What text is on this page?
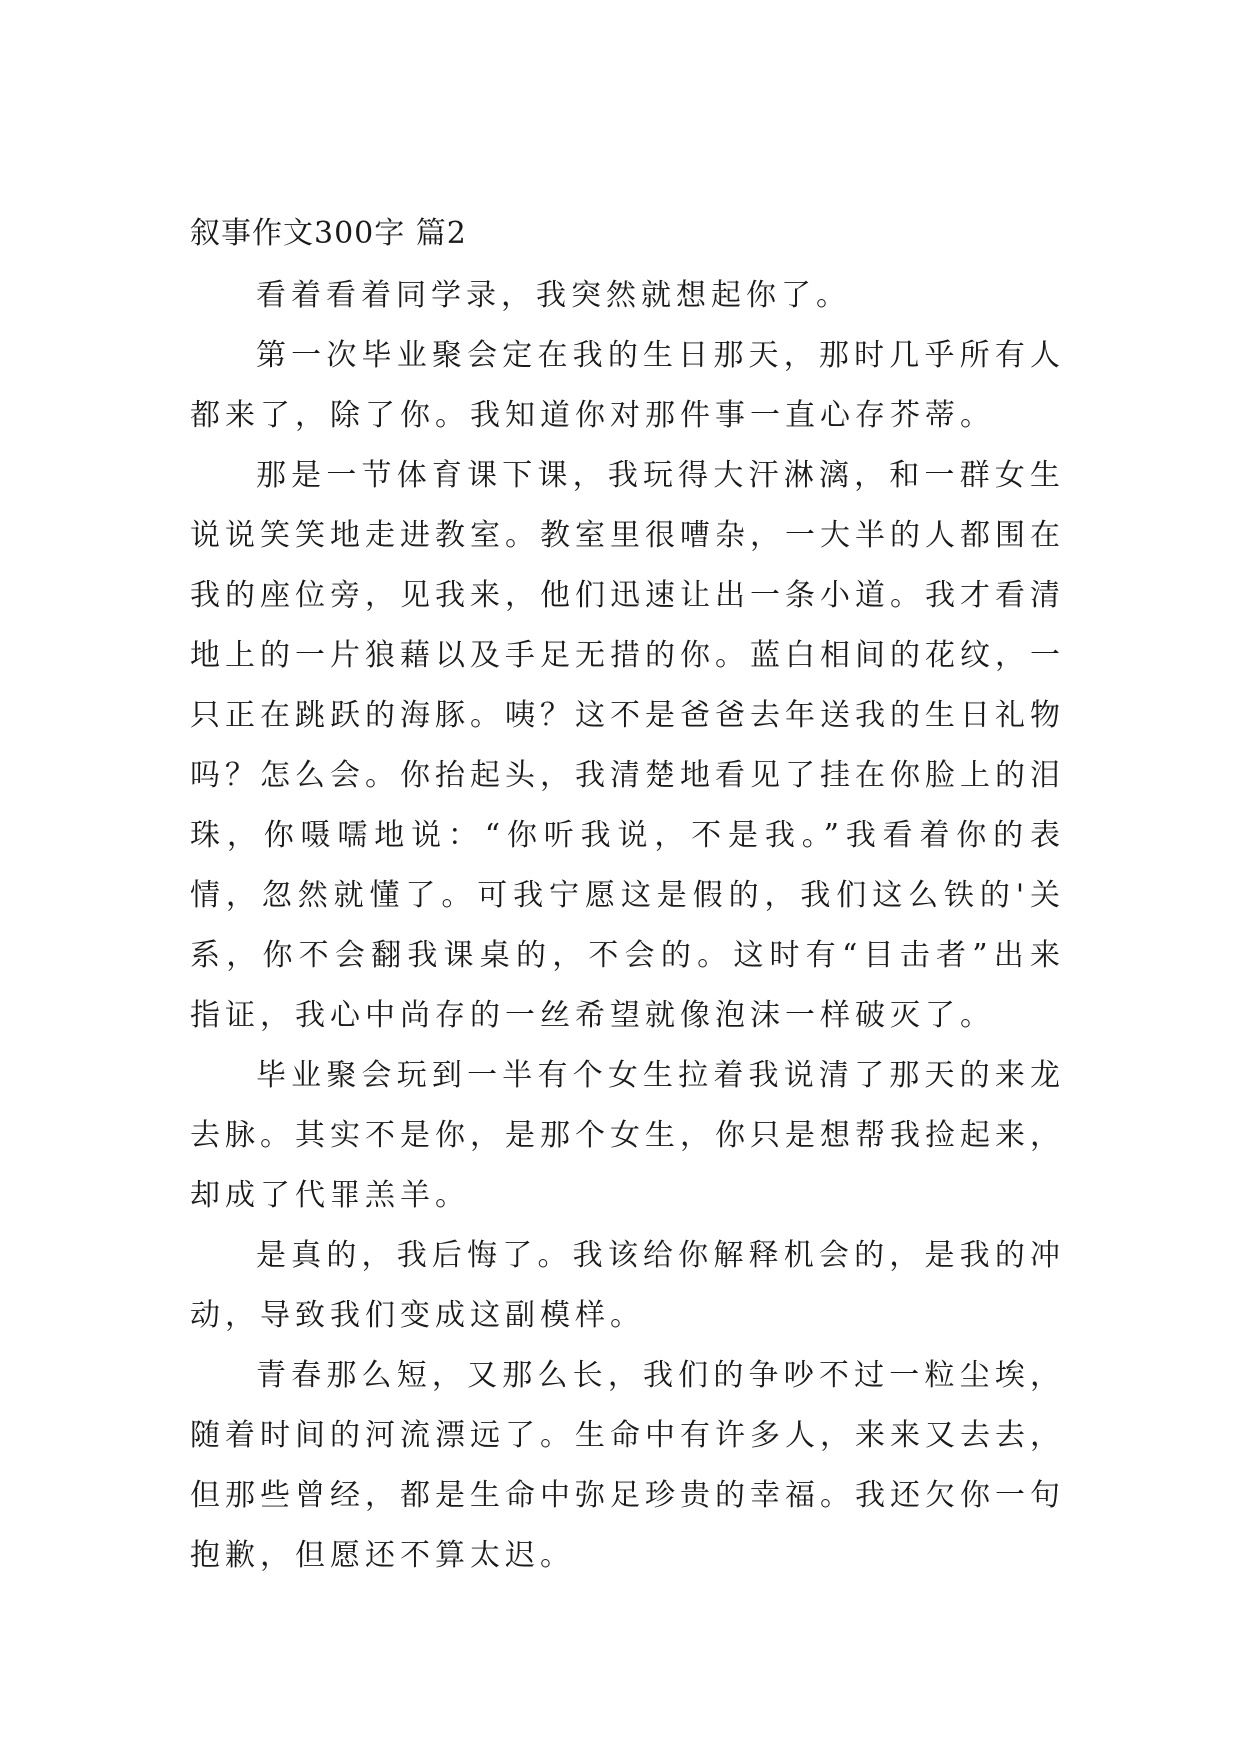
叙事作文300字 篇2

看着看着同学录，我突然就想起你了。

第一次毕业聚会定在我的生日那天，那时几乎所有人都来了，除了你。我知道你对那件事一直心存芥蒂。

那是一节体育课下课，我玩得大汗淋漓，和一群女生说说笑笑地走进教室。教室里很嘈杂，一大半的人都围在我的座位旁，见我来，他们迅速让出一条小道。我才看清地上的一片狼藉以及手足无措的你。蓝白相间的花纹，一只正在跳跃的海豚。咦？这不是爸爸去年送我的生日礼物吗？怎么会。你抬起头，我清楚地看见了挂在你脸上的泪珠，你嗫嚅地说：“你听我说，不是我。”我看着你的表情，忽然就懂了。可我宁愿这是假的，我们这么铁的'关系，你不会翻我课桌的，不会的。这时有“目击者”出来指证，我心中尚存的一丝希望就像泡沫一样破灭了。

毕业聚会玩到一半有个女生拉着我说清了那天的来龙去脉。其实不是你，是那个女生，你只是想帮我捡起来，却成了代罪羔羊。

是真的，我后悔了。我该给你解释机会的，是我的冲动，导致我们变成这副模样。

青春那么短，又那么长，我们的争吵不过一粒尘埃，随着时间的河流漂远了。生命中有许多人，来来又去去，但那些曾经，都是生命中弥足珍贵的幸福。我还欠你一句抱歉，但愿还不算太迟。
